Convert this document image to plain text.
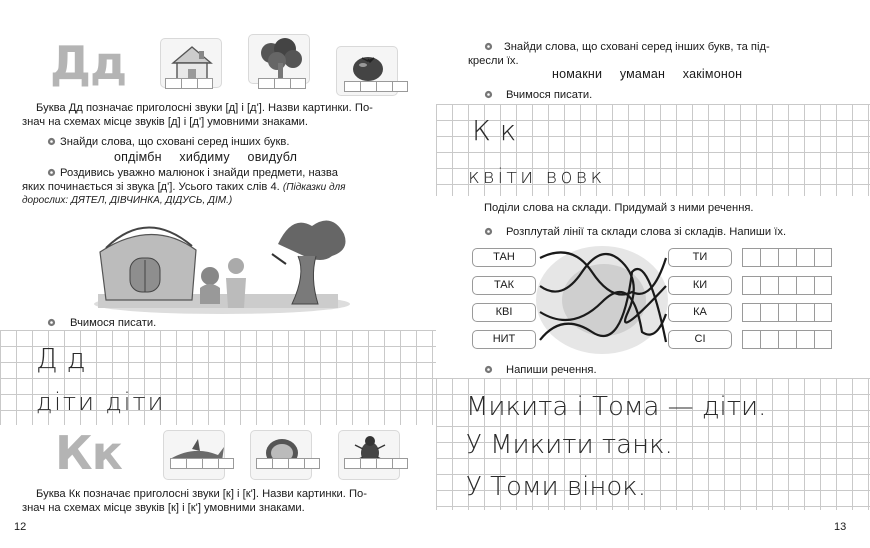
Дд
Буква Дд позначає приголосні звуки [д] і [д']. Назви картинки. По-
знач на схемах місце звуків [д] і [д'] умовними знаками.
Знайди слова, що сховані серед інших букв.
опдімбн хибдиму овидубл
Роздивись уважно малюнок і знайди предмети, назва
яких починається зі звука [д']. Усього таких слів 4. (Підказки для
дорослих: ДЯТЕЛ, ДІВЧИНКА, ДІДУСЬ, ДІМ.)
Вчимося писати.
Д д
діти діти
Кк
Буква Кк позначає приголосні звуки [к] і [к']. Назви картинки. По-
знач на схемах місце звуків [к] і [к'] умовними знаками.
12
Знайди слова, що сховані серед інших букв, та під-
кресли їх.
номакни умаман хакімонон
Вчимося писати.
К к
квіти вовк
Поділи слова на склади. Придумай з ними речення.
Розплутай лінії та склади слова зі складів. Напиши їх.
ТАН
ТАК
КВІ
НИТ
ТИ
КИ
КА
СІ
Напиши речення.
Микита і Тома — діти.
У Микити танк.
У Томи вінок.
13
